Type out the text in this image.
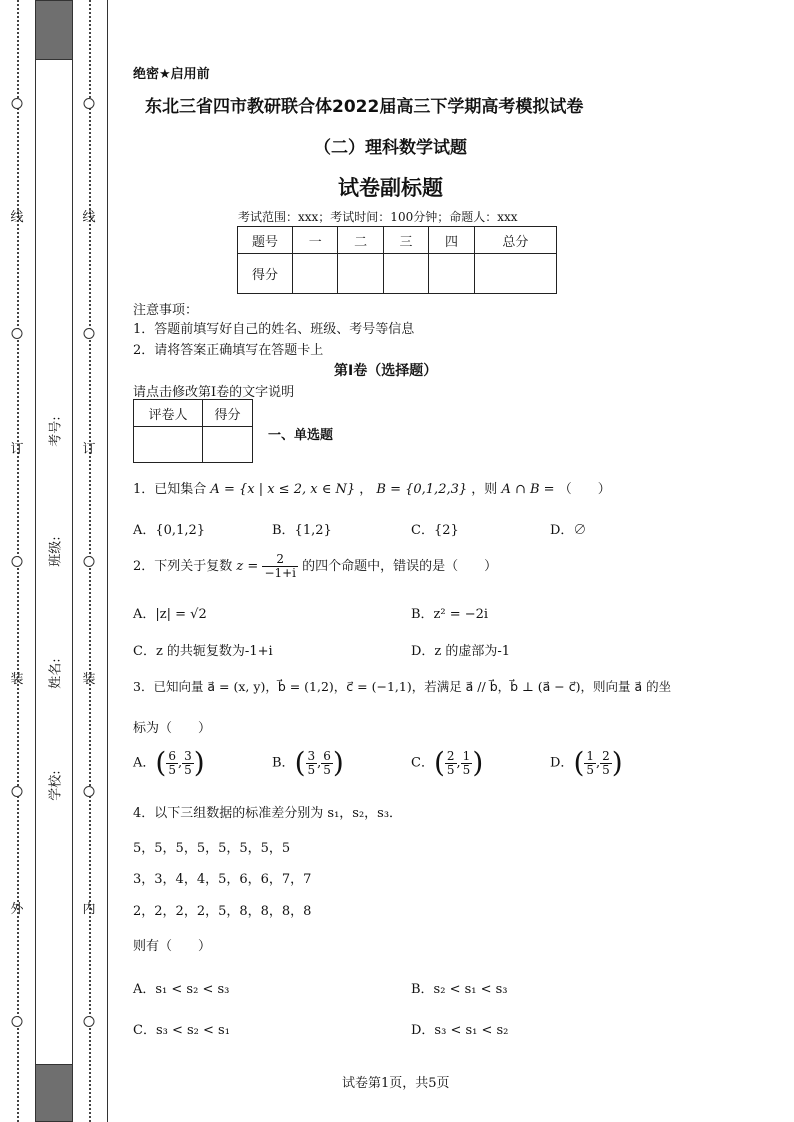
线
订
装
外
线
订
装
内
考号:
班级:
姓名:
学校:
绝密★启用前
东北三省四市教研联合体2022届高三下学期高考模拟试卷
（二）理科数学试题
试卷副标题
考试范围：xxx；考试时间：100分钟；命题人：xxx
题号	一	二	三	四	总分
得分					
注意事项：
1．答题前填写好自己的姓名、班级、考号等信息
2．请将答案正确填写在答题卡上
第I卷（选择题）
请点击修改第I卷的文字说明
评卷人	得分

一、单选题
1．已知集合 A = {x | x ≤ 2, x ∈ N} ， B = {0,1,2,3} ，则 A ∩ B = （　　）
A．{0,1,2}	B．{1,2}	C．{2}	D．∅
2．下列关于复数 $z = \frac{2}{-1+i}$ 的四个命题中，错误的是（　　）
A．|z| = √2	B．z² = −2i
C．z 的共轭复数为-1+i	D．z 的虚部为-1
3．已知向量 a⃗ = (x, y)，b⃗ = (1,2)，c⃗ = (−1,1)，若满足 a⃗ // b⃗，b⃗ ⊥ (a⃗ − c⃗)，则向量 a⃗ 的坐
标为（　　）
A．( $\frac{6}{5}$ , $\frac{3}{5}$ )	B．( $\frac{3}{5}$ , $\frac{6}{5}$ )	C．( $\frac{2}{5}$ , $\frac{1}{5}$ )	D．( $\frac{1}{5}$ , $\frac{2}{5}$ )
4．以下三组数据的标准差分别为 s₁，s₂，s₃．
5，5，5，5，5，5，5，5
3，3，4，4，5，6，6，7，7
2，2，2，2，5，8，8，8，8
则有（　　）
A．s₁ < s₂ < s₃	B．s₂ < s₁ < s₃
C．s₃ < s₂ < s₁	D．s₃ < s₁ < s₂
试卷第1页，共5页
